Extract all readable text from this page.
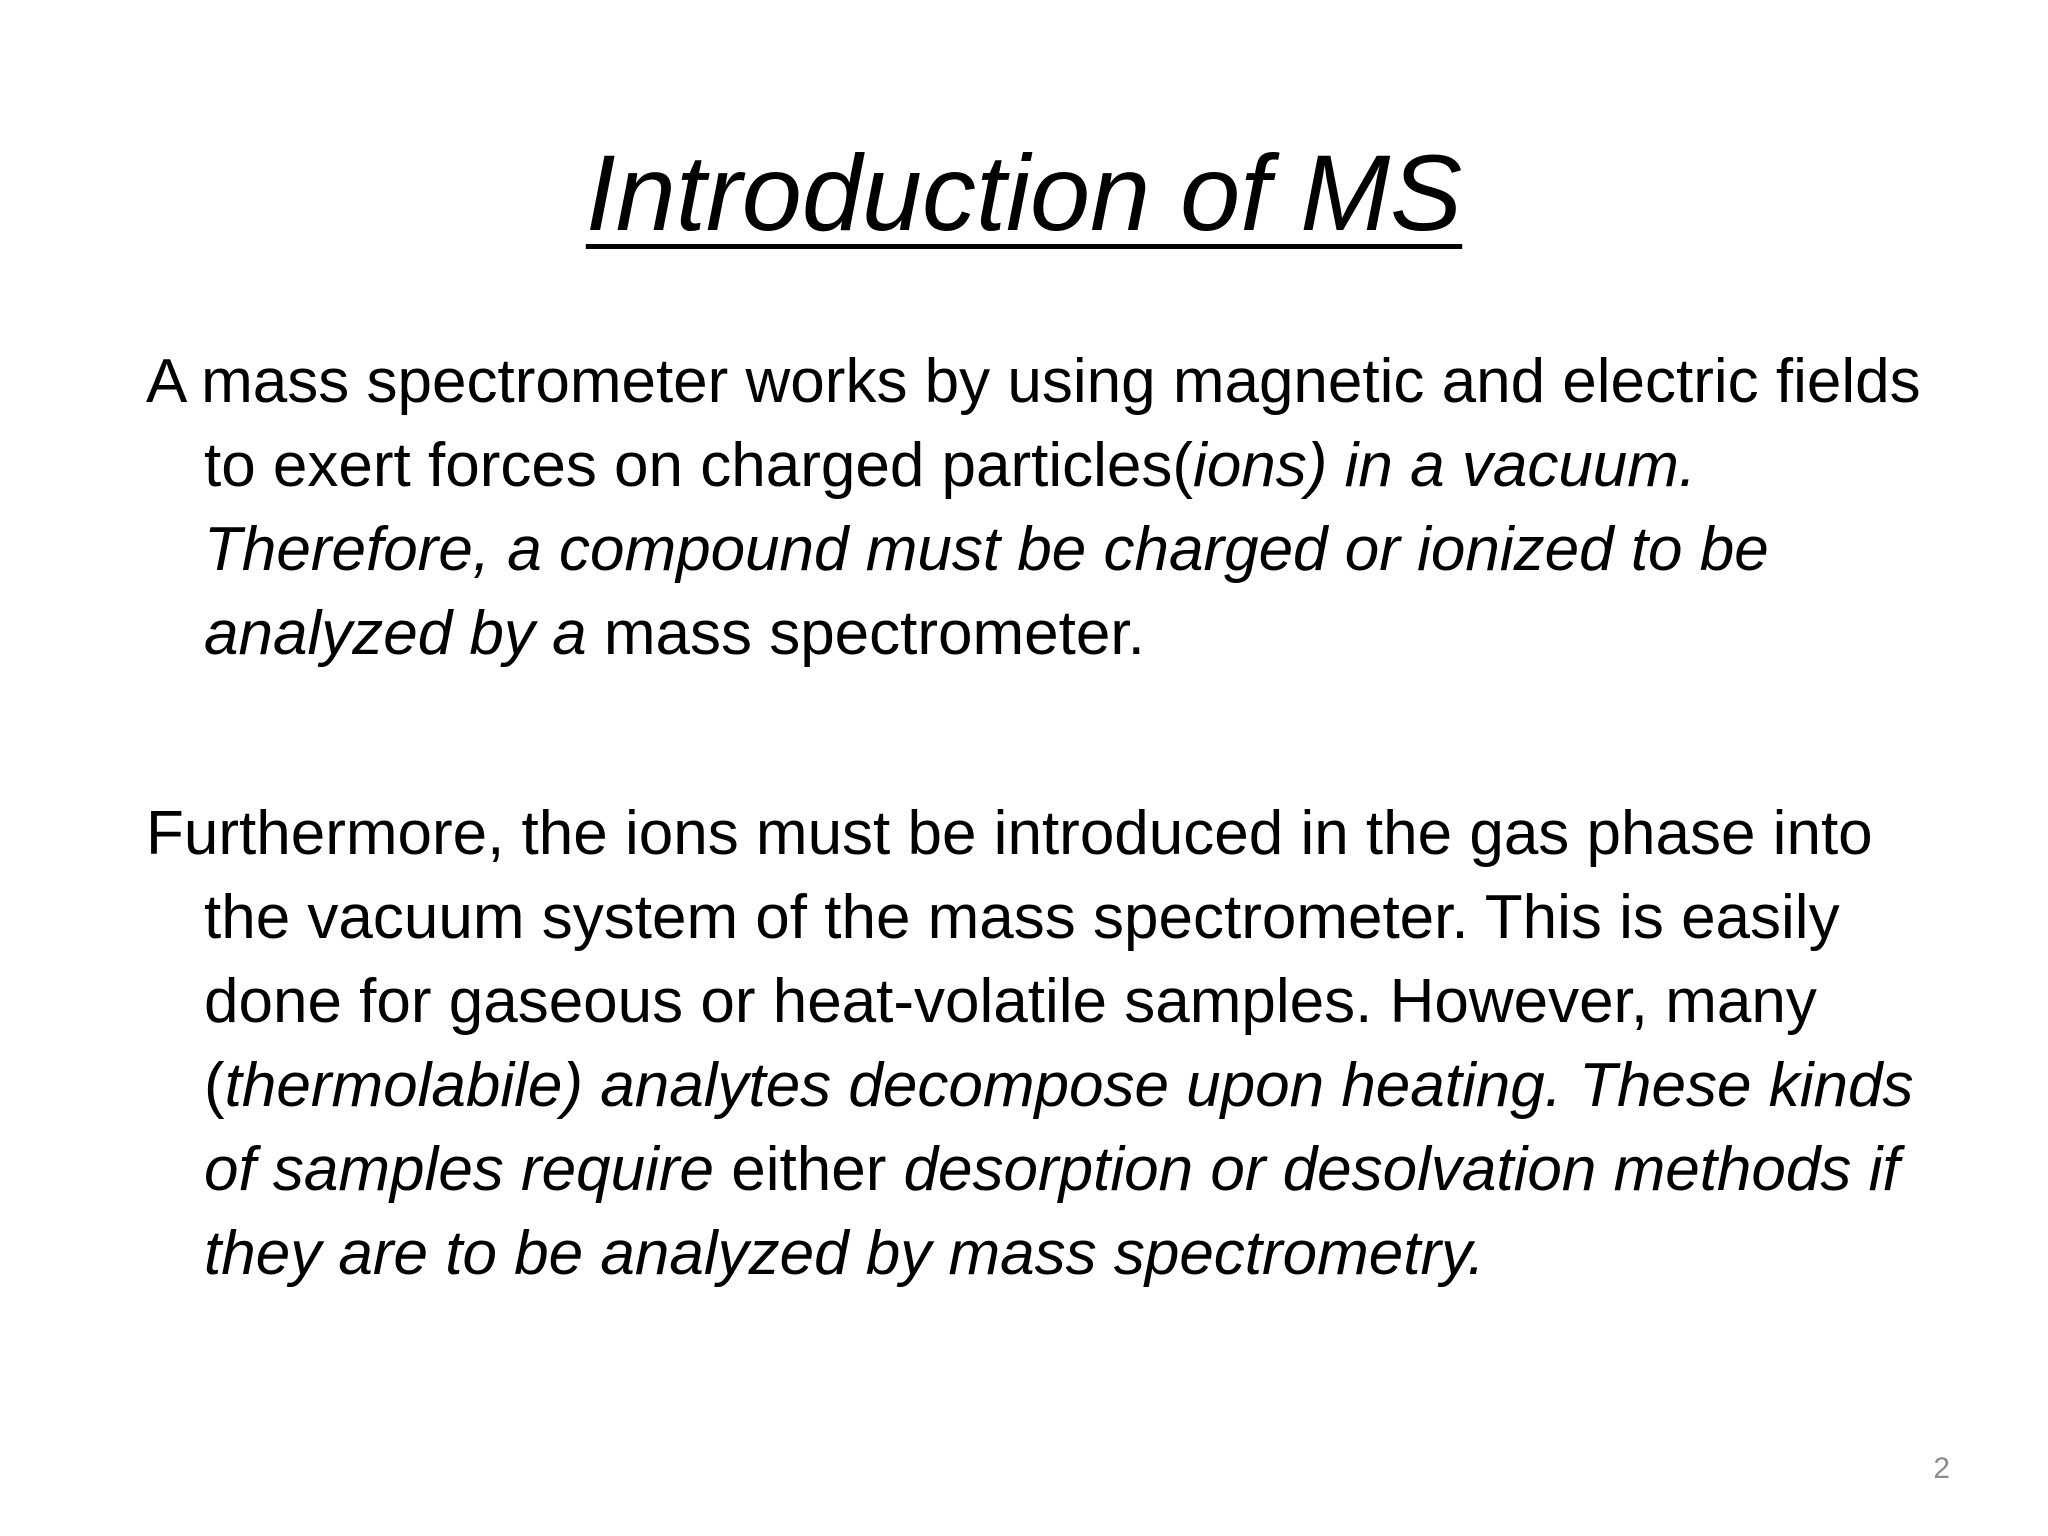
Introduction of MS

A mass spectrometer works by using magnetic and electric fields to exert forces on charged particles(ions) in a vacuum. Therefore, a compound must be charged or ionized to be analyzed by a mass spectrometer.

Furthermore, the ions must be introduced in the gas phase into the vacuum system of the mass spectrometer. This is easily done for gaseous or heat-volatile samples. However, many (thermolabile) analytes decompose upon heating. These kinds of samples require either desorption or desolvation methods if they are to be analyzed by mass spectrometry.

2
